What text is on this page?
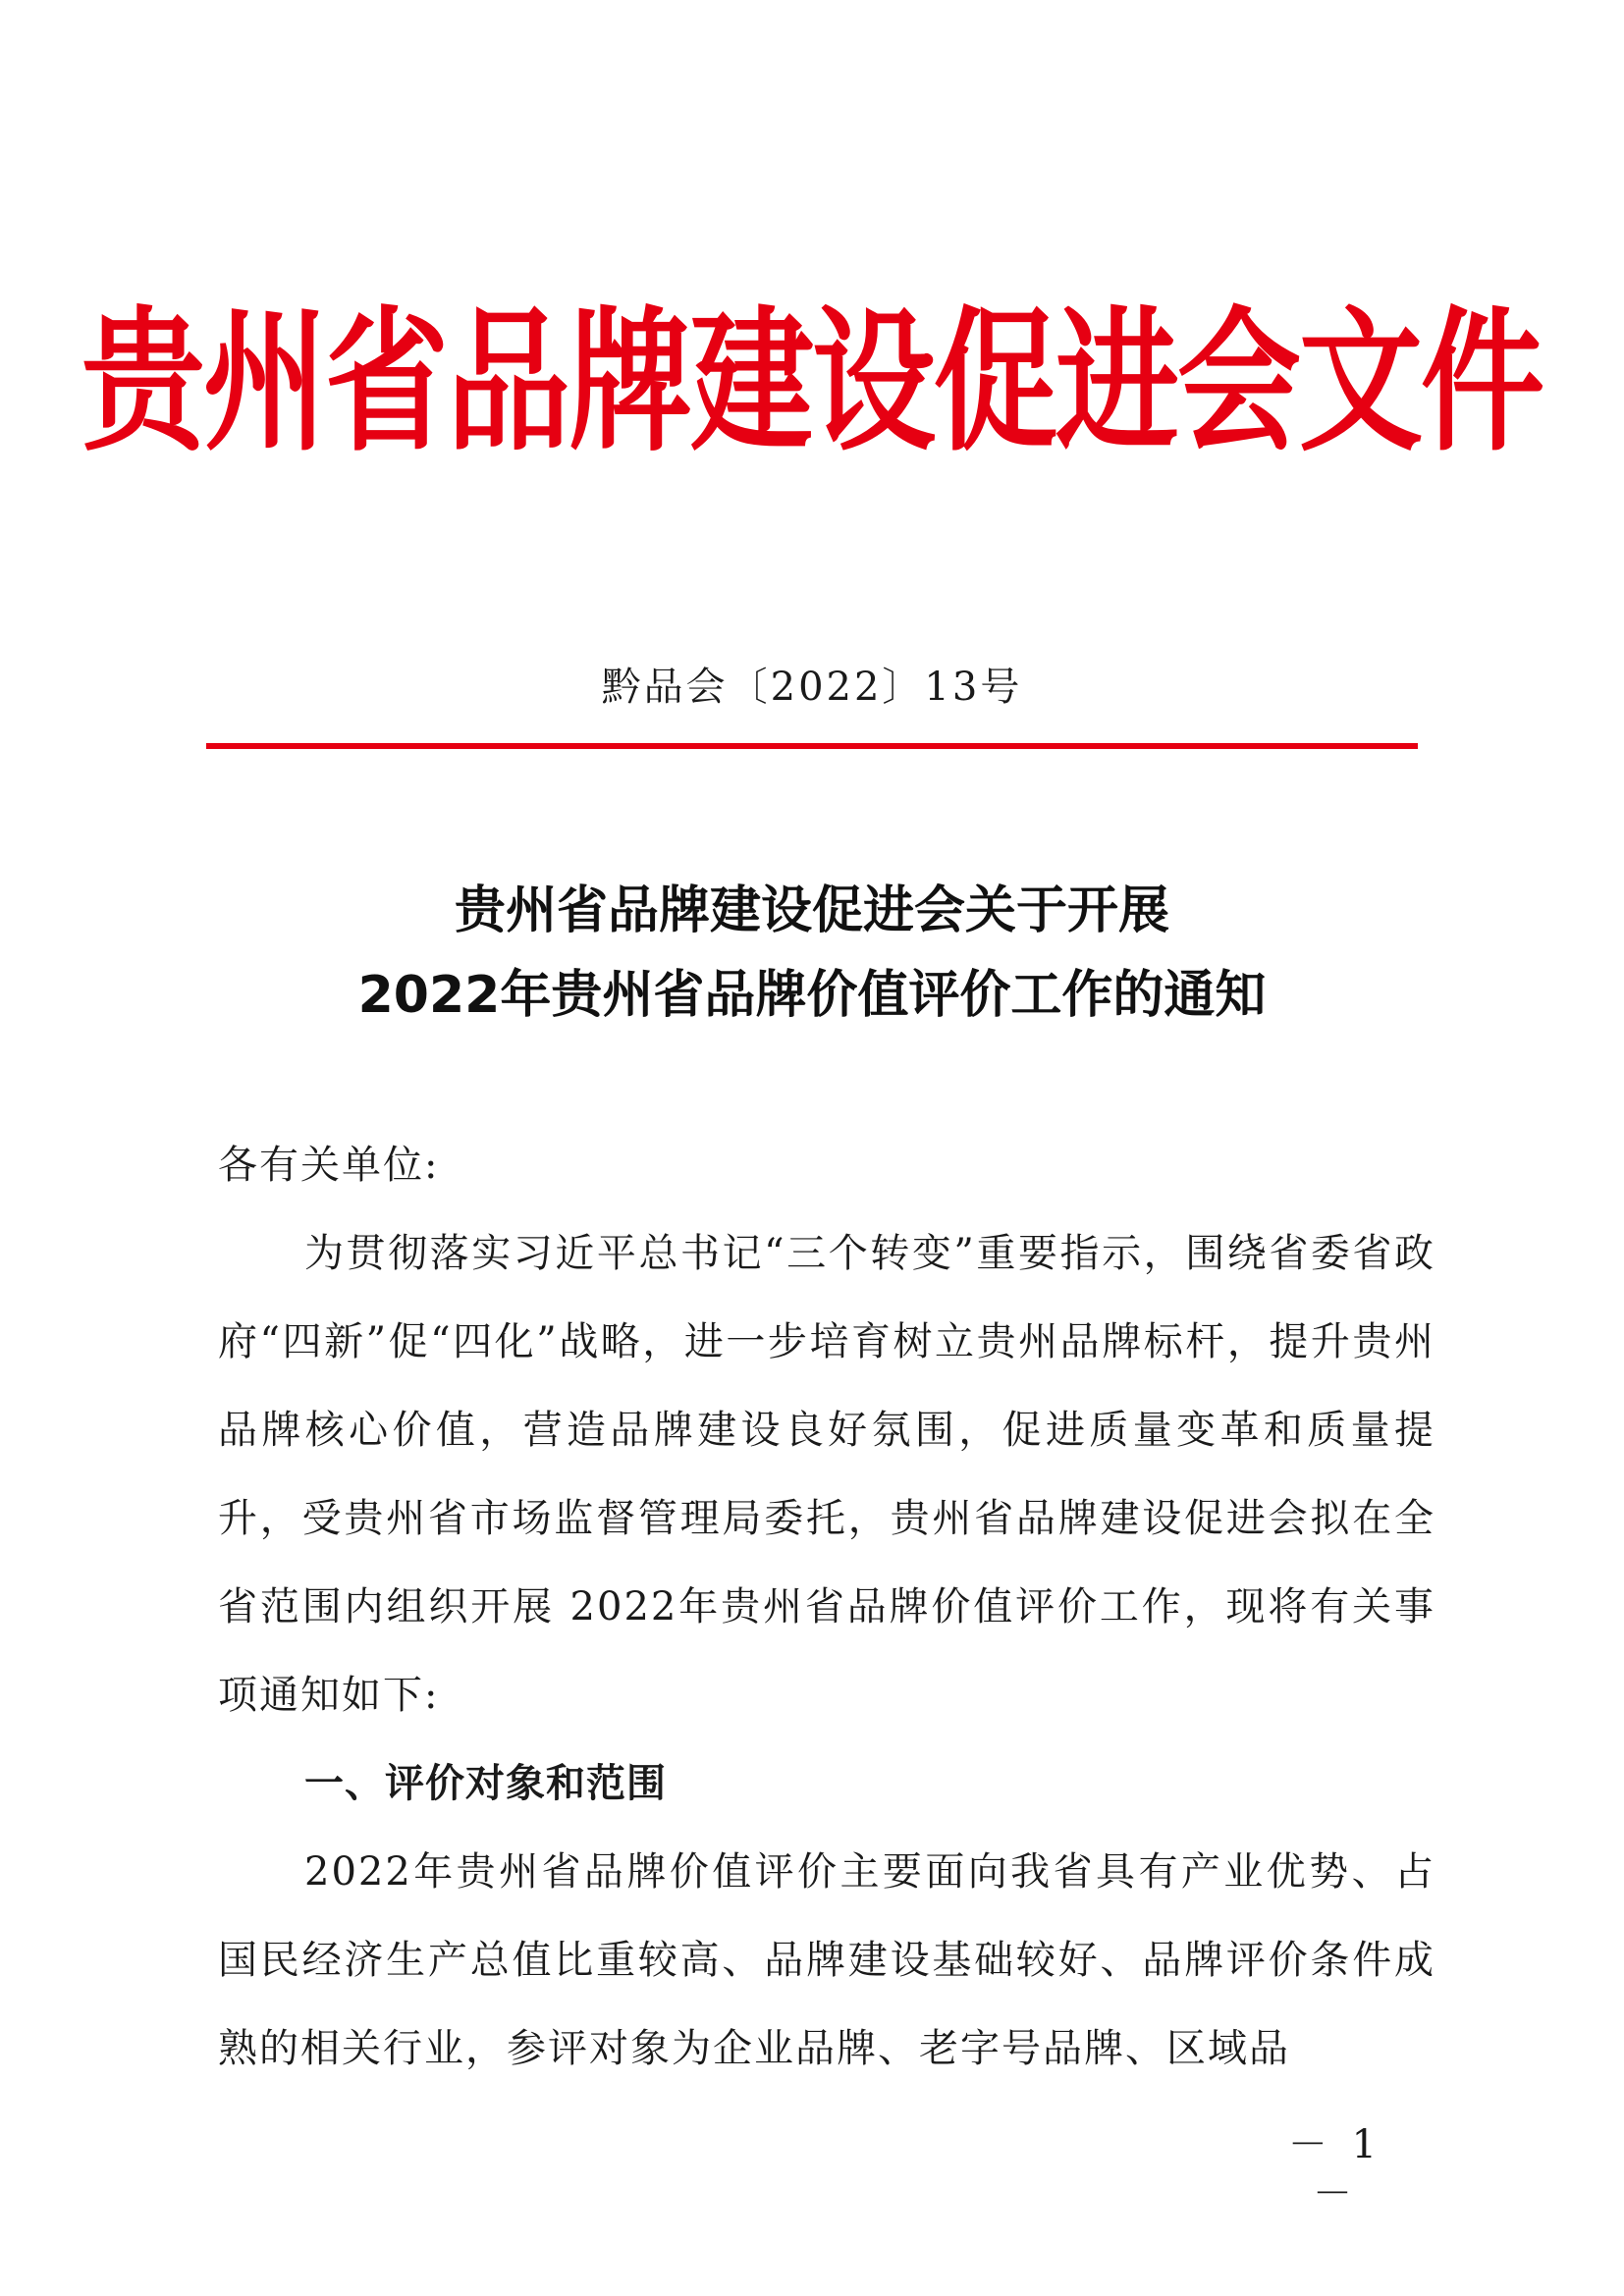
贵州省品牌建设促进会文件
黔品会〔2022〕13号
贵州省品牌建设促进会关于开展
2022年贵州省品牌价值评价工作的通知

各有关单位:

为贯彻落实习近平总书记“三个转变”重要指示，围绕省委省政府“四新”促“四化”战略，进一步培育树立贵州品牌标杆，提升贵州品牌核心价值，营造品牌建设良好氛围，促进质量变革和质量提升，受贵州省市场监督管理局委托，贵州省品牌建设促进会拟在全省范围内组织开展 2022年贵州省品牌价值评价工作，现将有关事项通知如下:

一、评价对象和范围

2022年贵州省品牌价值评价主要面向我省具有产业优势、占国民经济生产总值比重较高、品牌建设基础较好、品牌评价条件成熟的相关行业，参评对象为企业品牌、老字号品牌、区域品

－ 1 －
